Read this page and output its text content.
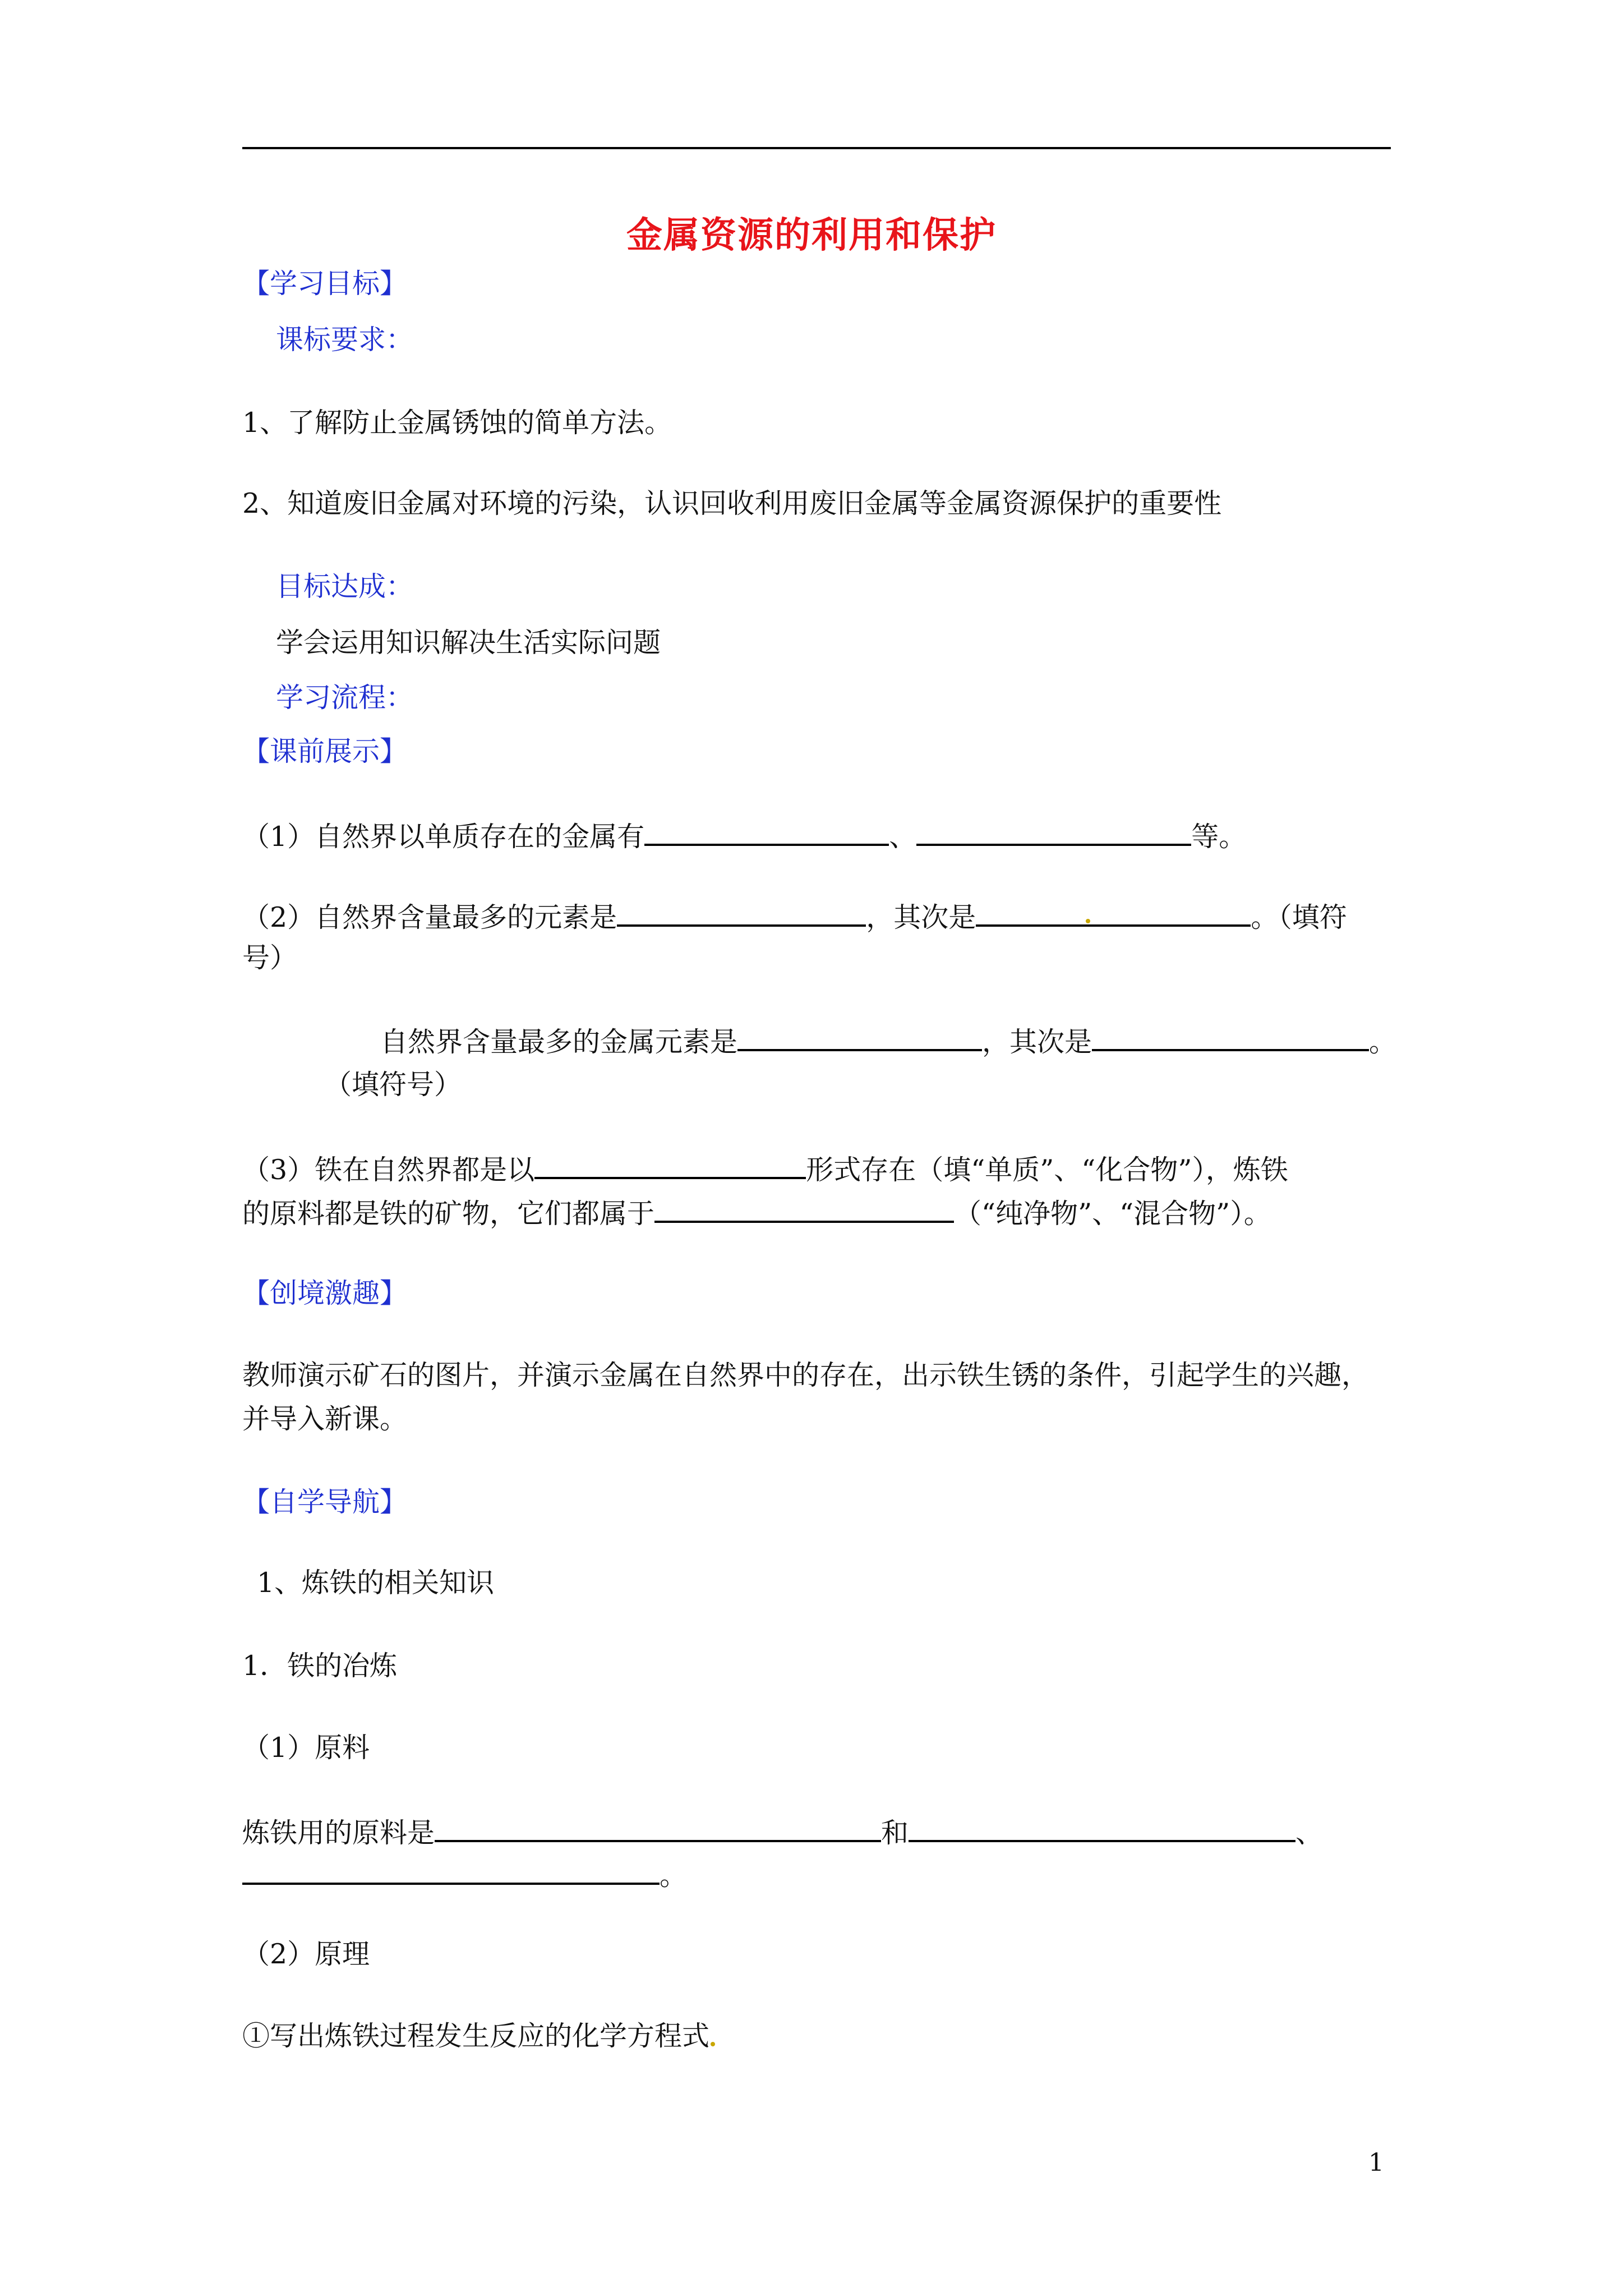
金属资源的利用和保护
【学习目标】
课标要求：
1、了解防止金属锈蚀的简单方法。
2、知道废旧金属对环境的污染，认识回收利用废旧金属等金属资源保护的重要性
目标达成：
学会运用知识解决生活实际问题
学习流程：
【课前展示】
（1）自然界以单质存在的金属有	、	等。
（2）自然界含量最多的元素是	，其次是	。（填符
号）
自然界含量最多的金属元素是	，其次是	。
（填符号）
（3）铁在自然界都是以	形式存在（填“单质”、“化合物”），炼铁
的原料都是铁的矿物，它们都属于	（“纯净物”、“混合物”）。
【创境激趣】
教师演示矿石的图片，并演示金属在自然界中的存在，出示铁生锈的条件，引起学生的兴趣，
并导入新课。
【自学导航】
1、炼铁的相关知识
1．铁的冶炼
（1）原料
炼铁用的原料是	和	、
。
（2）原理
①写出炼铁过程发生反应的化学方程式
1
